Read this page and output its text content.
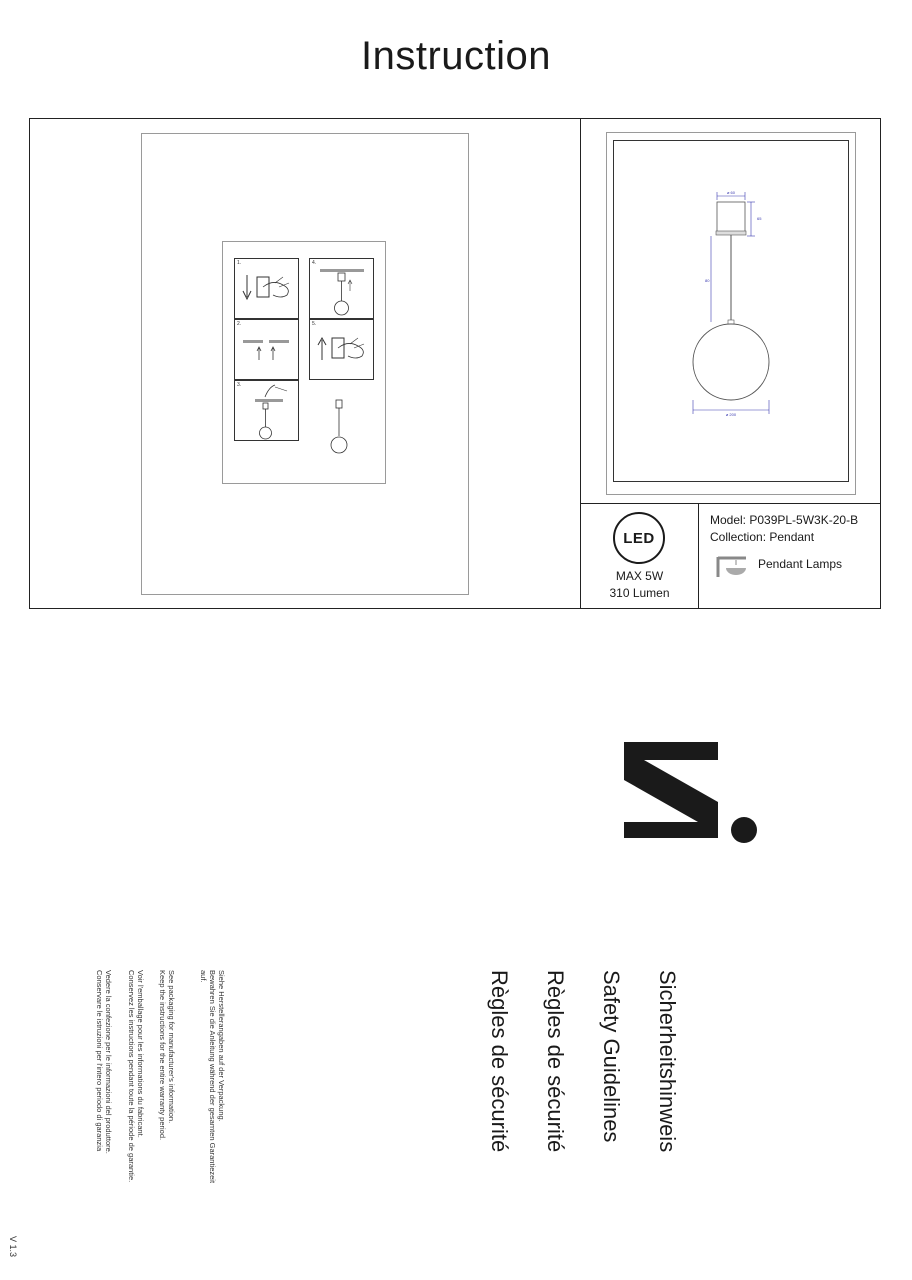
Instruction
1.
2.
3.
4.
5.
ø 60
65
80
ø 200
LED
MAX 5W
310 Lumen
Model: P039PL-5W3K-20-B
Collection: Pendant
Pendant Lamps
Sicherheitshinweis
Safety Guidelines
Règles de sécurité
Règles de sécurité
Siehe Herstellerangaben auf der Verpackung.
Bewahren Sie die Anleitung während der gesamten Garantiezeit
auf.
See packaging for manufacturer's information.
Keep the instructions for the entire warranty period.
Voir l'emballage pour les informations du fabricant.
Conservez les instructions pendant toute la période de garantie.
Vedere la confezione per le informazioni del produttore.
Conservare le istruzioni per l'intero periodo di garanzia
V 1.3
